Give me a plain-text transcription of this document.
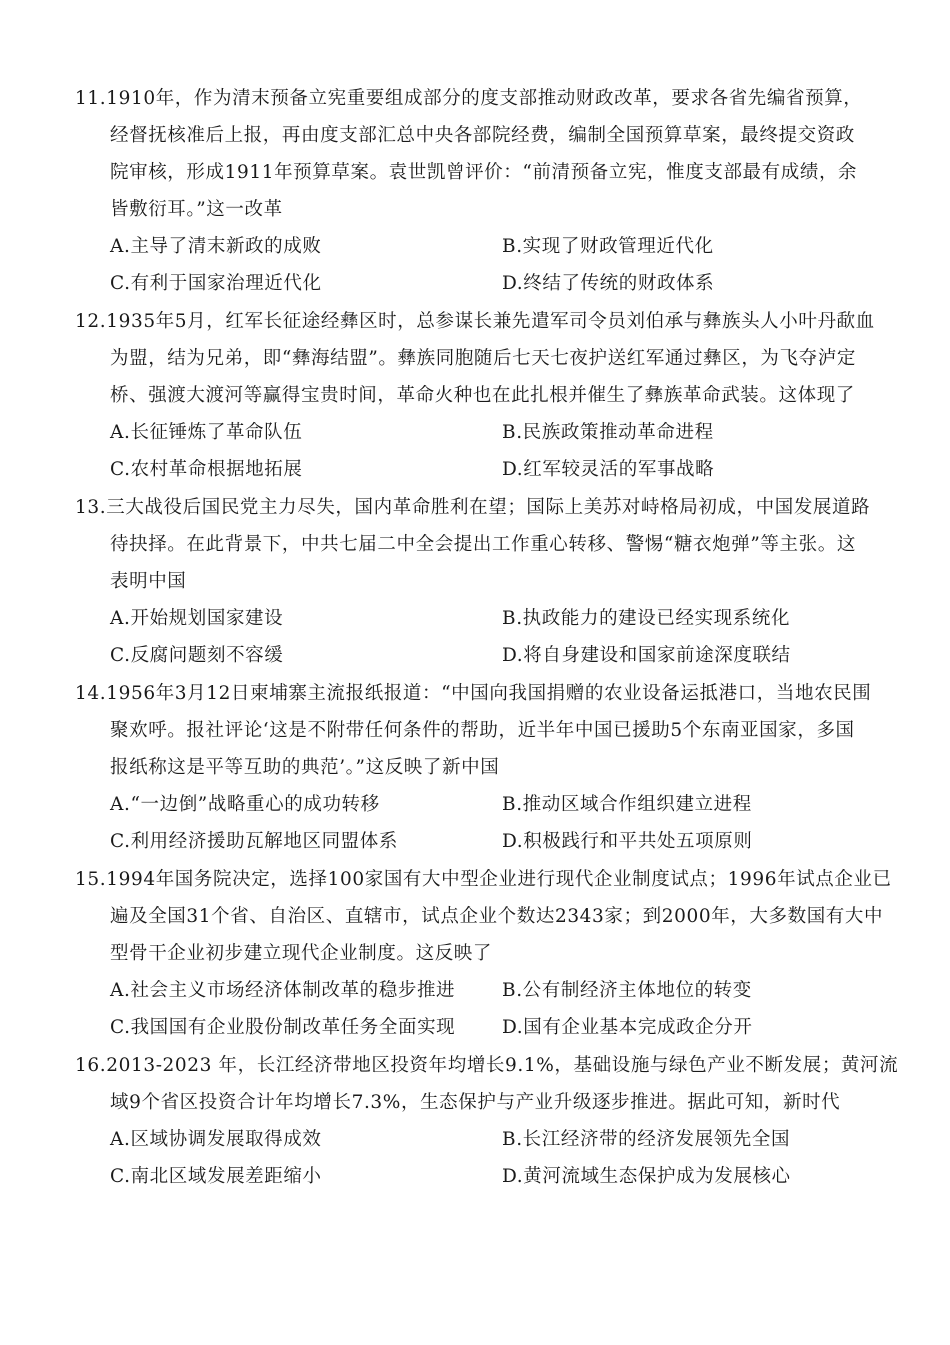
11.1910年，作为清末预备立宪重要组成部分的度支部推动财政改革，要求各省先编省预算，
经督抚核准后上报，再由度支部汇总中央各部院经费，编制全国预算草案，最终提交资政
院审核，形成1911年预算草案。袁世凯曾评价：“前清预备立宪，惟度支部最有成绩，余
皆敷衍耳。”这一改革
A.主导了清末新政的成败	B.实现了财政管理近代化
C.有利于国家治理近代化	D.终结了传统的财政体系
12.1935年5月，红军长征途经彝区时，总参谋长兼先遣军司令员刘伯承与彝族头人小叶丹歃血
为盟，结为兄弟，即“彝海结盟”。彝族同胞随后七天七夜护送红军通过彝区，为飞夺泸定
桥、强渡大渡河等赢得宝贵时间，革命火种也在此扎根并催生了彝族革命武装。这体现了
A.长征锤炼了革命队伍	B.民族政策推动革命进程
C.农村革命根据地拓展	D.红军较灵活的军事战略
13.三大战役后国民党主力尽失，国内革命胜利在望；国际上美苏对峙格局初成，中国发展道路
待抉择。在此背景下，中共七届二中全会提出工作重心转移、警惕“糖衣炮弹”等主张。这
表明中国
A.开始规划国家建设	B.执政能力的建设已经实现系统化
C.反腐问题刻不容缓	D.将自身建设和国家前途深度联结
14.1956年3月12日柬埔寨主流报纸报道：“中国向我国捐赠的农业设备运抵港口，当地农民围
聚欢呼。报社评论‘这是不附带任何条件的帮助，近半年中国已援助5个东南亚国家，多国
报纸称这是平等互助的典范’。”这反映了新中国
A.“一边倒”战略重心的成功转移	B.推动区域合作组织建立进程
C.利用经济援助瓦解地区同盟体系	D.积极践行和平共处五项原则
15.1994年国务院决定，选择100家国有大中型企业进行现代企业制度试点；1996年试点企业已
遍及全国31个省、自治区、直辖市，试点企业个数达2343家；到2000年，大多数国有大中
型骨干企业初步建立现代企业制度。这反映了
A.社会主义市场经济体制改革的稳步推进	B.公有制经济主体地位的转变
C.我国国有企业股份制改革任务全面实现	D.国有企业基本完成政企分开
16.2013-2023 年，长江经济带地区投资年均增长9.1%，基础设施与绿色产业不断发展；黄河流
域9个省区投资合计年均增长7.3%，生态保护与产业升级逐步推进。据此可知，新时代
A.区域协调发展取得成效	B.长江经济带的经济发展领先全国
C.南北区域发展差距缩小	D.黄河流域生态保护成为发展核心
